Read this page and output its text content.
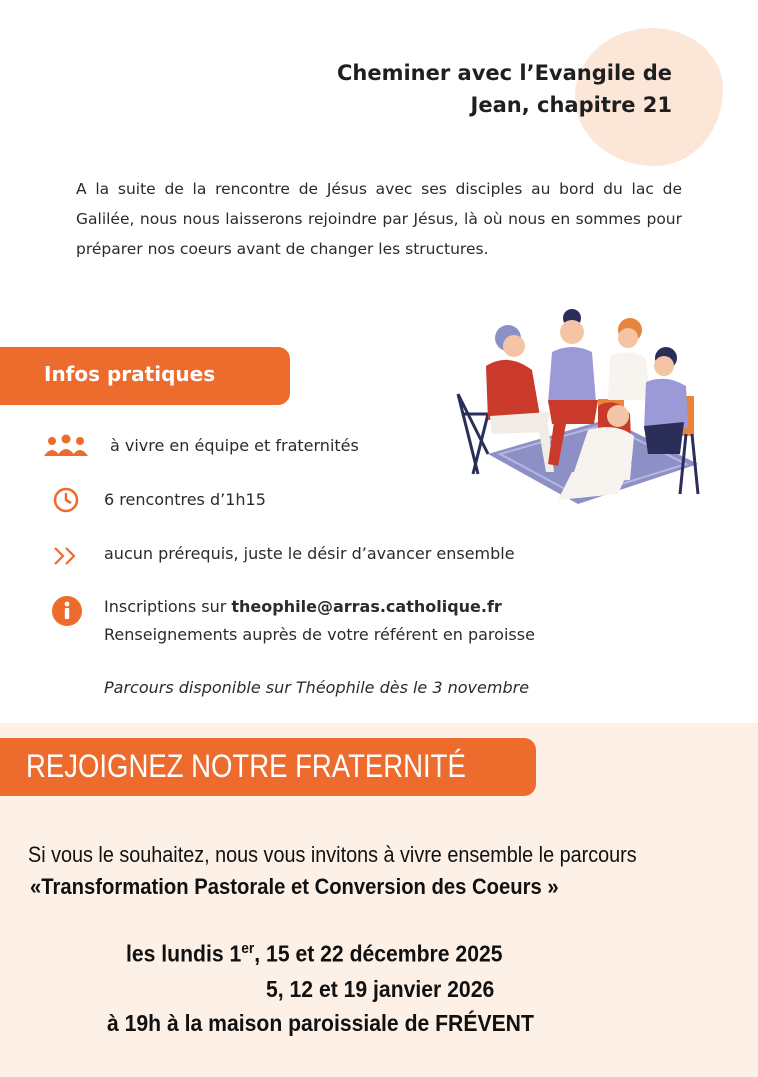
Cheminer avec l’Evangile de
Jean, chapitre 21

A la suite de la rencontre de Jésus avec ses disciples au bord du lac de Galilée, nous nous laisserons rejoindre par Jésus, là où nous en sommes pour préparer nos coeurs avant de changer les structures.

Infos pratiques
à vivre en équipe et fraternités
6 rencontres d’1h15
aucun prérequis, juste le désir d’avancer ensemble
Inscriptions sur theophile@arras.catholique.fr
Renseignements auprès de votre référent en paroisse
Parcours disponible sur Théophile dès le 3 novembre
REJOIGNEZ NOTRE FRATERNITÉ
Si vous le souhaitez, nous vous invitons à vivre ensemble le parcours
«Transformation Pastorale et Conversion des Coeurs »
les lundis 1er, 15 et 22 décembre 2025
5, 12 et 19 janvier 2026
à 19h à la maison paroissiale de FRÉVENT
